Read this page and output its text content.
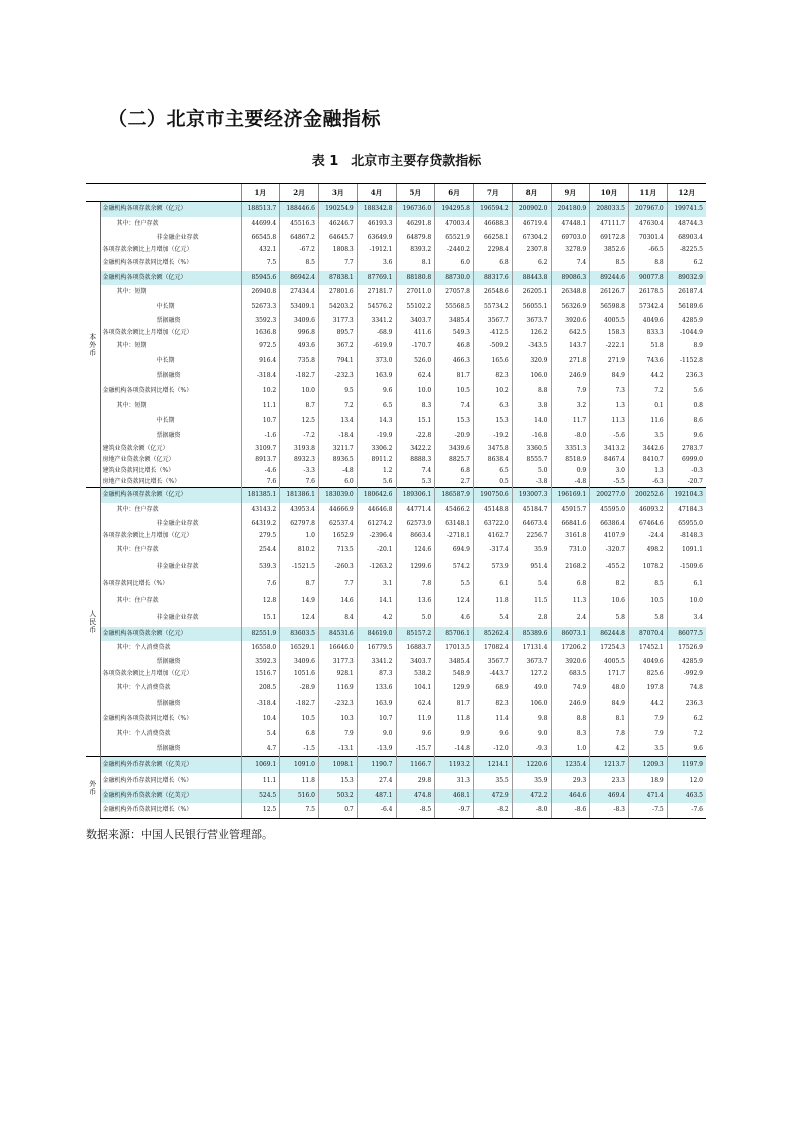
（二）北京市主要经济金融指标
表 1　北京市主要存贷款指标
		1月	2月	3月	4月	5月	6月	7月	8月	9月	10月	11月	12月
本
外
币	金融机构各项存款余额（亿元）	188513.7	188446.6	190254.9	188342.8	196736.0	194295.8	196594.2	200902.0	204180.9	208033.5	207967.0	199741.5
	其中：住户存款	44699.4	45516.3	46246.7	46193.3	46291.8	47003.4	46688.3	46719.4	47448.1	47111.7	47630.4	48744.3
	非金融企业存款	66545.8	64867.2	64645.7	63649.9	64879.8	65521.9	66258.1	67304.2	69703.0	69172.8	70301.4	68903.4
	各项存款余额比上月增加（亿元）	432.1	-67.2	1808.3	-1912.1	8393.2	-2440.2	2298.4	2307.8	3278.9	3852.6	-66.5	-8225.5
	金融机构各项存款同比增长（%）	7.5	8.5	7.7	3.6	8.1	6.0	6.8	6.2	7.4	8.5	8.8	6.2
	金融机构各项贷款余额（亿元）	85945.6	86942.4	87838.1	87769.1	88180.8	88730.0	88317.6	88443.8	89086.3	89244.6	90077.8	89032.9
	其中：短期	26940.8	27434.4	27801.6	27181.7	27011.0	27057.8	26548.6	26205.1	26348.8	26126.7	26178.5	26187.4
	中长期	52673.3	53409.1	54203.2	54576.2	55102.2	55568.5	55734.2	56055.1	56326.9	56598.8	57342.4	56189.6
	票据融资	3592.3	3409.6	3177.3	3341.2	3403.7	3485.4	3567.7	3673.7	3920.6	4005.5	4049.6	4285.9
	各项贷款余额比上月增加（亿元）	1636.8	996.8	895.7	-68.9	411.6	549.3	-412.5	126.2	642.5	158.3	833.3	-1044.9
	其中：短期	972.5	493.6	367.2	-619.9	-170.7	46.8	-509.2	-343.5	143.7	-222.1	51.8	8.9
	中长期	916.4	735.8	794.1	373.0	526.0	466.3	165.6	320.9	271.8	271.9	743.6	-1152.8
	票据融资	-318.4	-182.7	-232.3	163.9	62.4	81.7	82.3	106.0	246.9	84.9	44.2	236.3
	金融机构各项贷款同比增长（%）	10.2	10.0	9.5	9.6	10.0	10.5	10.2	8.8	7.9	7.3	7.2	5.6
	其中：短期	11.1	8.7	7.2	6.5	8.3	7.4	6.3	3.8	3.2	1.3	0.1	0.8
	中长期	10.7	12.5	13.4	14.3	15.1	15.3	15.3	14.0	11.7	11.3	11.6	8.6
	票据融资	-1.6	-7.2	-18.4	-19.9	-22.8	-20.9	-19.2	-16.8	-8.0	-5.6	3.5	9.6
	建筑业贷款余额（亿元）	3109.7	3193.8	3211.7	3306.2	3422.2	3439.6	3475.8	3360.5	3351.3	3413.2	3442.6	2783.7
	房地产业贷款余额（亿元）	8913.7	8932.3	8936.5	8911.2	8888.3	8825.7	8638.4	8555.7	8518.9	8467.4	8410.7	6999.0
	建筑业贷款同比增长（%）	-4.6	-3.3	-4.8	1.2	7.4	6.8	6.5	5.0	0.9	3.0	1.3	-0.3
	房地产业贷款同比增长（%）	7.6	7.6	6.0	5.6	5.3	2.7	0.5	-3.8	-4.8	-5.5	-6.3	-20.7
人
民
币	金融机构各项存款余额（亿元）	181385.1	181386.1	183039.0	180642.6	189306.1	186587.9	190750.6	193007.3	196169.1	200277.0	200252.6	192104.3
	其中：住户存款	43143.2	43953.4	44666.9	44646.8	44771.4	45466.2	45148.8	45184.7	45915.7	45595.0	46093.2	47184.3
	非金融企业存款	64319.2	62797.8	62537.4	61274.2	62573.9	63148.1	63722.0	64673.4	66841.6	66386.4	67464.6	65955.0
	各项存款余额比上月增加（亿元）	279.5	1.0	1652.9	-2396.4	8663.4	-2718.1	4162.7	2256.7	3161.8	4107.9	-24.4	-8148.3
	其中：住户存款	254.4	810.2	713.5	-20.1	124.6	694.9	-317.4	35.9	731.0	-320.7	498.2	1091.1
	非金融企业存款	539.3	-1521.5	-260.3	-1263.2	1299.6	574.2	573.9	951.4	2168.2	-455.2	1078.2	-1509.6
	各项存款同比增长（%）	7.6	8.7	7.7	3.1	7.8	5.5	6.1	5.4	6.8	8.2	8.5	6.1
	其中：住户存款	12.8	14.9	14.6	14.1	13.6	12.4	11.8	11.5	11.3	10.6	10.5	10.0
	非金融企业存款	15.1	12.4	8.4	4.2	5.0	4.6	5.4	2.8	2.4	5.8	5.8	3.4
	金融机构各项贷款余额（亿元）	82551.9	83603.5	84531.6	84619.0	85157.2	85706.1	85262.4	85389.6	86073.1	86244.8	87070.4	86077.5
	其中：个人消费贷款	16558.0	16529.1	16646.0	16779.5	16883.7	17013.5	17082.4	17131.4	17206.2	17254.3	17452.1	17526.9
	票据融资	3592.3	3409.6	3177.3	3341.2	3403.7	3485.4	3567.7	3673.7	3920.6	4005.5	4049.6	4285.9
	各项贷款余额比上月增加（亿元）	1516.7	1051.6	928.1	87.3	538.2	548.9	-443.7	127.2	683.5	171.7	825.6	-992.9
	其中：个人消费贷款	208.5	-28.9	116.9	133.6	104.1	129.9	68.9	49.0	74.9	48.0	197.8	74.8
	票据融资	-318.4	-182.7	-232.3	163.9	62.4	81.7	82.3	106.0	246.9	84.9	44.2	236.3
	金融机构各项贷款同比增长（%）	10.4	10.5	10.3	10.7	11.9	11.8	11.4	9.8	8.8	8.1	7.9	6.2
	其中：个人消费贷款	5.4	6.8	7.9	9.0	9.6	9.9	9.6	9.0	8.3	7.8	7.9	7.2
	票据融资	4.7	-1.5	-13.1	-13.9	-15.7	-14.8	-12.0	-9.3	1.0	4.2	3.5	9.6
外
币	金融机构外币存款余额（亿美元）	1069.1	1091.0	1098.1	1190.7	1166.7	1193.2	1214.1	1220.6	1235.4	1213.7	1209.3	1197.9
	金融机构外币存款同比增长（%）	11.1	11.8	15.3	27.4	29.8	31.3	35.5	35.9	29.3	23.3	18.9	12.0
	金融机构外币贷款余额（亿美元）	524.5	516.0	503.2	487.1	474.8	468.1	472.9	472.2	464.6	469.4	471.4	463.5
	金融机构外币贷款同比增长（%）	12.5	7.5	0.7	-6.4	-8.5	-9.7	-8.2	-8.0	-8.6	-8.3	-7.5	-7.6
数据来源：中国人民银行营业管理部。
